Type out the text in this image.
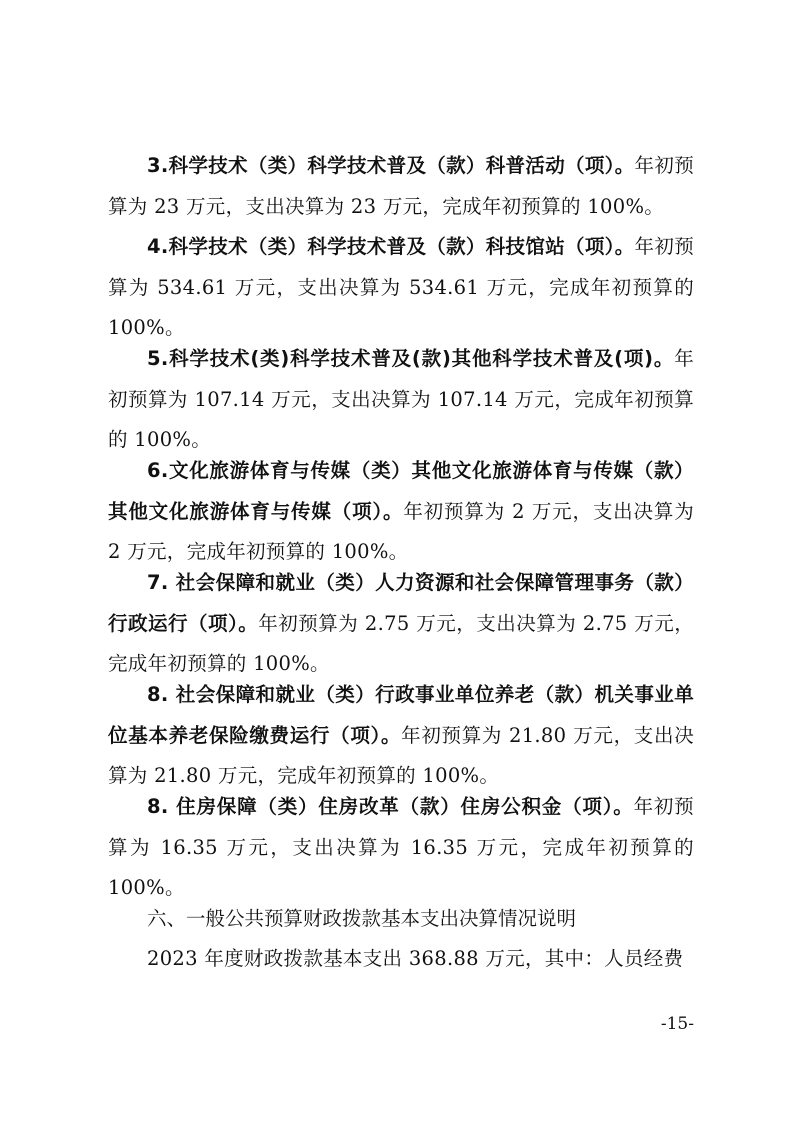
3.科学技术（类）科学技术普及（款）科普活动（项）。年初预算为 23 万元，支出决算为 23 万元，完成年初预算的 100%。

4.科学技术（类）科学技术普及（款）科技馆站（项）。年初预算为 534.61 万元，支出决算为 534.61 万元，完成年初预算的 100%。

5.科学技术(类)科学技术普及(款)其他科学技术普及(项)。年初预算为 107.14 万元，支出决算为 107.14 万元，完成年初预算的 100%。

6.文化旅游体育与传媒（类）其他文化旅游体育与传媒（款）其他文化旅游体育与传媒（项）。年初预算为 2 万元，支出决算为 2 万元，完成年初预算的 100%。

7. 社会保障和就业（类）人力资源和社会保障管理事务（款）行政运行（项）。年初预算为 2.75 万元，支出决算为 2.75 万元，完成年初预算的 100%。

8. 社会保障和就业（类）行政事业单位养老（款）机关事业单位基本养老保险缴费运行（项）。年初预算为 21.80 万元，支出决算为 21.80 万元，完成年初预算的 100%。

8. 住房保障（类）住房改革（款）住房公积金（项）。年初预算为 16.35 万元，支出决算为 16.35 万元，完成年初预算的 100%。

六、一般公共预算财政拨款基本支出决算情况说明

2023 年度财政拨款基本支出 368.88 万元，其中：人员经费

-15-
